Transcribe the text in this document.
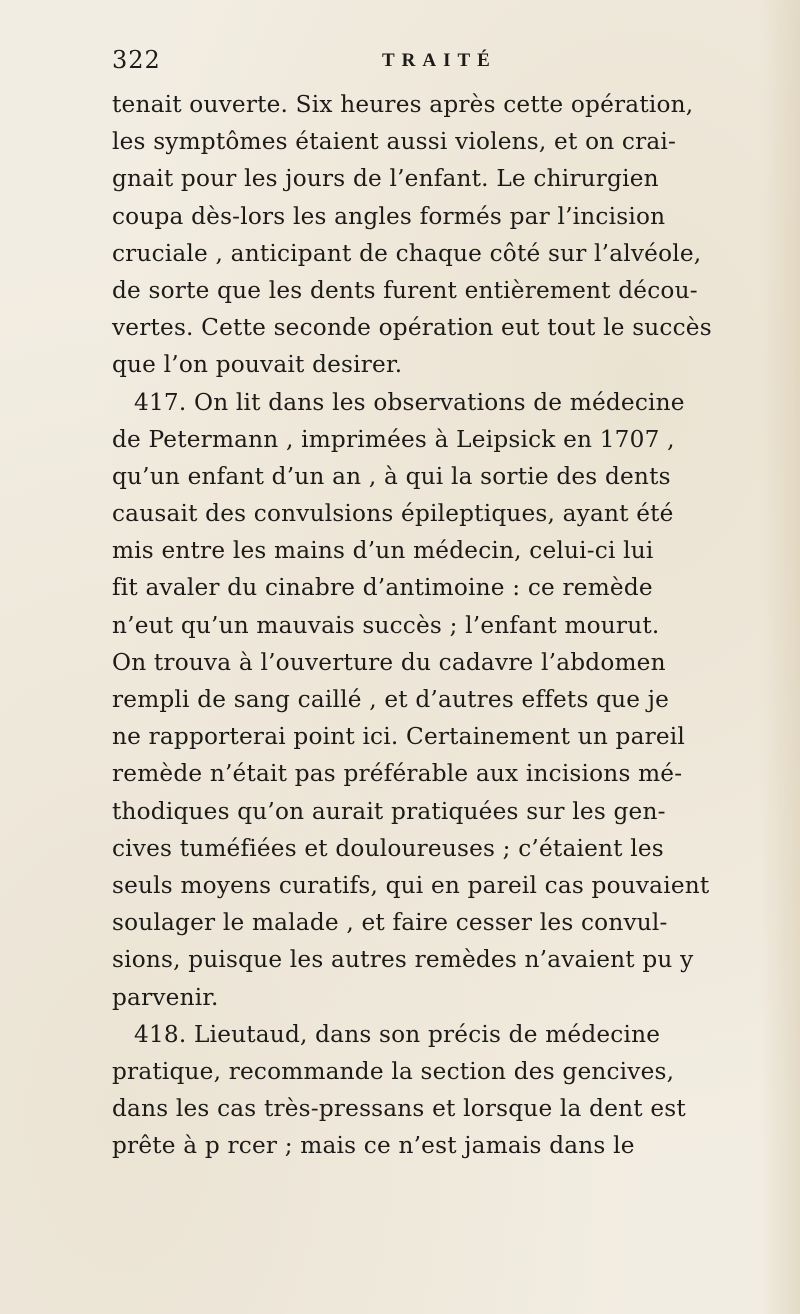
322	TRAITÉ
tenait ouverte. Six heures après cette opération,
les symptômes étaient aussi violens, et on crai-
gnait pour les jours de l’enfant. Le chirurgien
coupa dès-lors les angles formés par l’incision
cruciale , anticipant de chaque côté sur l’alvéole,
de sorte que les dents furent entièrement décou-
vertes. Cette seconde opération eut tout le succès
que l’on pouvait desirer.
417. On lit dans les observations de médecine
de Petermann , imprimées à Leipsick en 1707 ,
qu’un enfant d’un an , à qui la sortie des dents
causait des convulsions épileptiques, ayant été
mis entre les mains d’un médecin, celui-ci lui
fit avaler du cinabre d’antimoine : ce remède
n’eut qu’un mauvais succès ; l’enfant mourut.
On trouva à l’ouverture du cadavre l’abdomen
rempli de sang caillé , et d’autres effets que je
ne rapporterai point ici. Certainement un pareil
remède n’était pas préférable aux incisions mé-
thodiques qu’on aurait pratiquées sur les gen-
cives tuméfiées et douloureuses ; c’étaient les
seuls moyens curatifs, qui en pareil cas pouvaient
soulager le malade , et faire cesser les convul-
sions, puisque les autres remèdes n’avaient pu y
parvenir.
418. Lieutaud, dans son précis de médecine
pratique, recommande la section des gencives,
dans les cas très-pressans et lorsque la dent est
prête à p rcer ; mais ce n’est jamais dans le
